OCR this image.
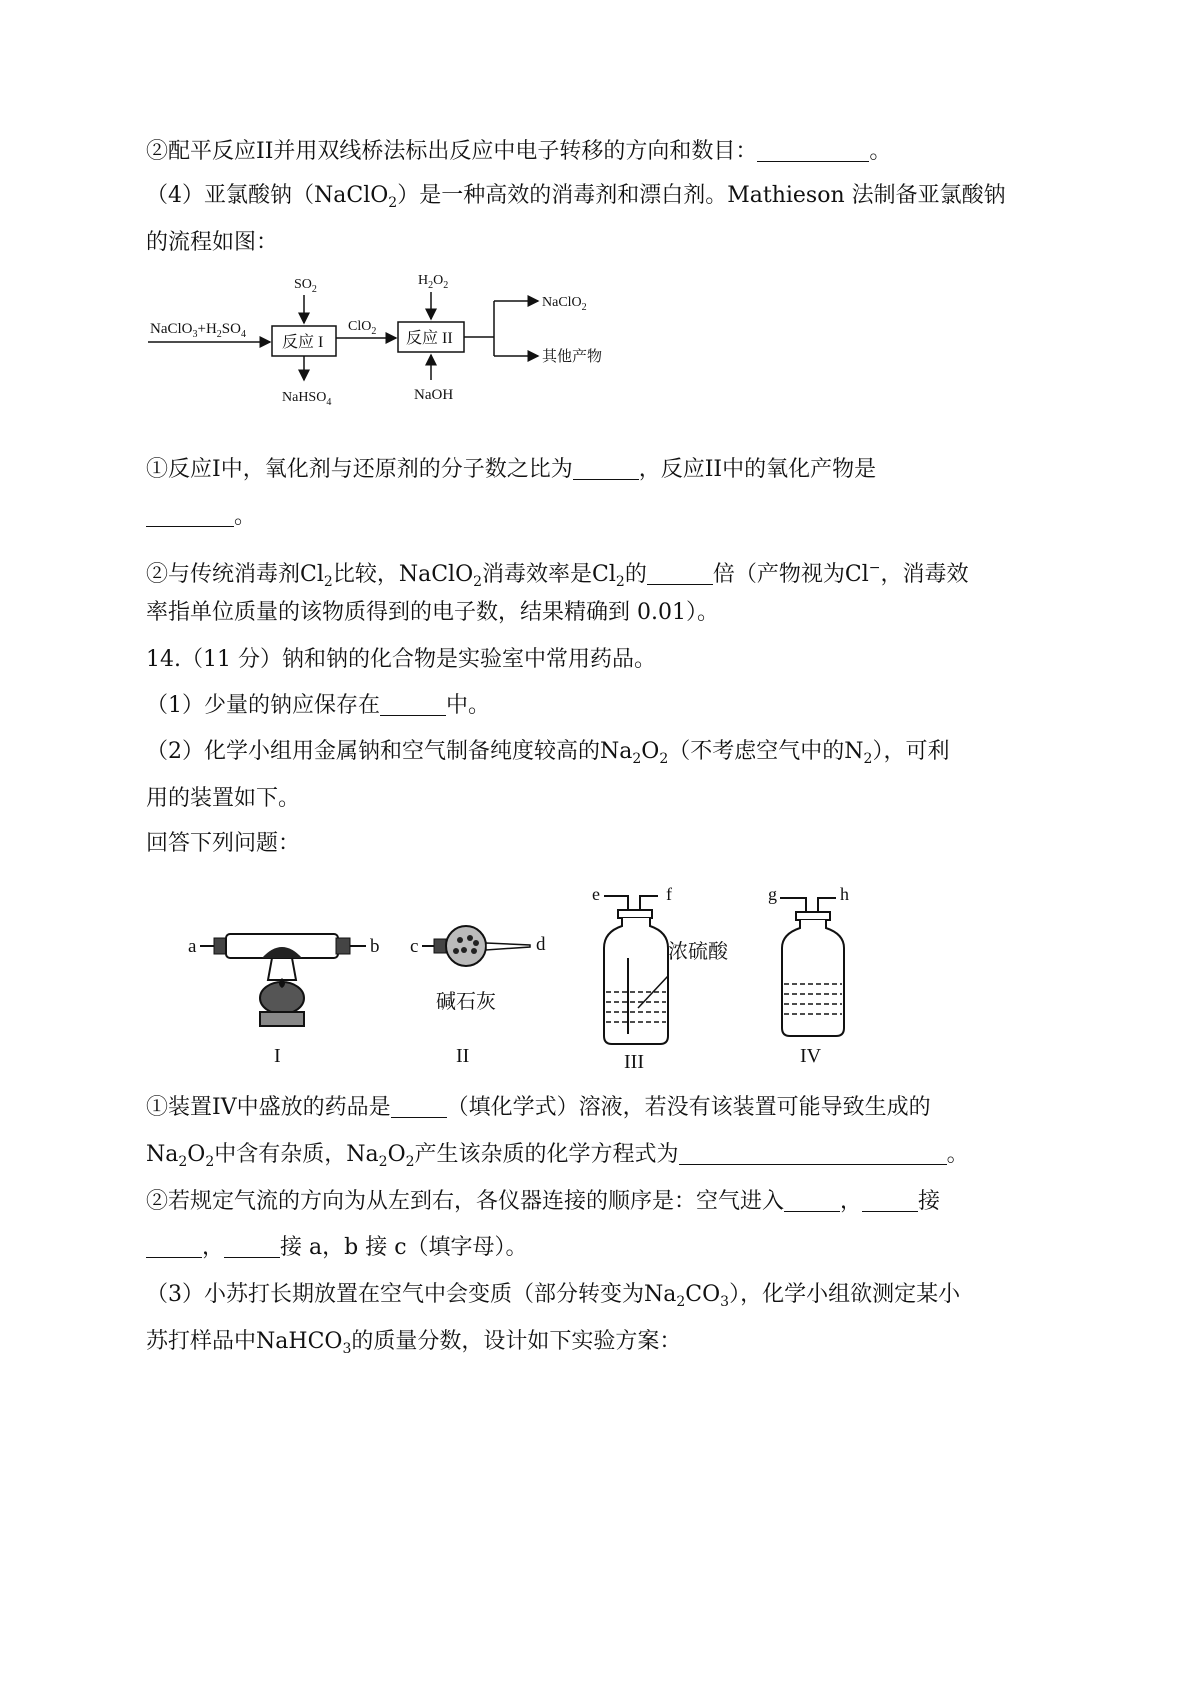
②配平反应II并用双线桥法标出反应中电子转移的方向和数目：	。
（4）亚氯酸钠（NaClO$_2$）是一种高效的消毒剂和漂白剂。Mathieson 法制备亚氯酸钠
的流程如图：
$NaClO_3+H_2SO_4$ 反应 I
$SO_2$
NaHSO$_4$
ClO$_2$ 反应 II
$H_2O_2$
NaOH
NaClO$_2$
其他产物
①反应I中，氧化剂与还原剂的分子数之比为	，反应II中的氧化产物是
。
②与传统消毒剂$Cl_2$比较，NaClO$_2$消毒效率是$Cl_2$的	倍（产物视为Cl−，消毒效
率指单位质量的该物质得到的电子数，结果精确到 0.01）。
14.（11 分）钠和钠的化合物是实验室中常用药品。
（1）少量的钠应保存在	中。
（2）化学小组用金属钠和空气制备纯度较高的$Na_2O_2$（不考虑空气中的$N_2$），可利
用的装置如下。
回答下列问题：
a	b
I
c	d
碱石灰
II
e	f
浓硫酸
III
g	h
IV
①装置IV中盛放的药品是	（填化学式）溶液，若没有该装置可能导致生成的
$Na_2O_2$中含有杂质，$Na_2O_2$产生该杂质的化学方程式为	。
②若规定气流的方向为从左到右，各仪器连接的顺序是：空气进入	，	接
，	接 a，b 接 c（填字母）。
（3）小苏打长期放置在空气中会变质（部分转变为$Na_2CO_3$），化学小组欲测定某小
苏打样品中NaHCO$_3$的质量分数，设计如下实验方案：
